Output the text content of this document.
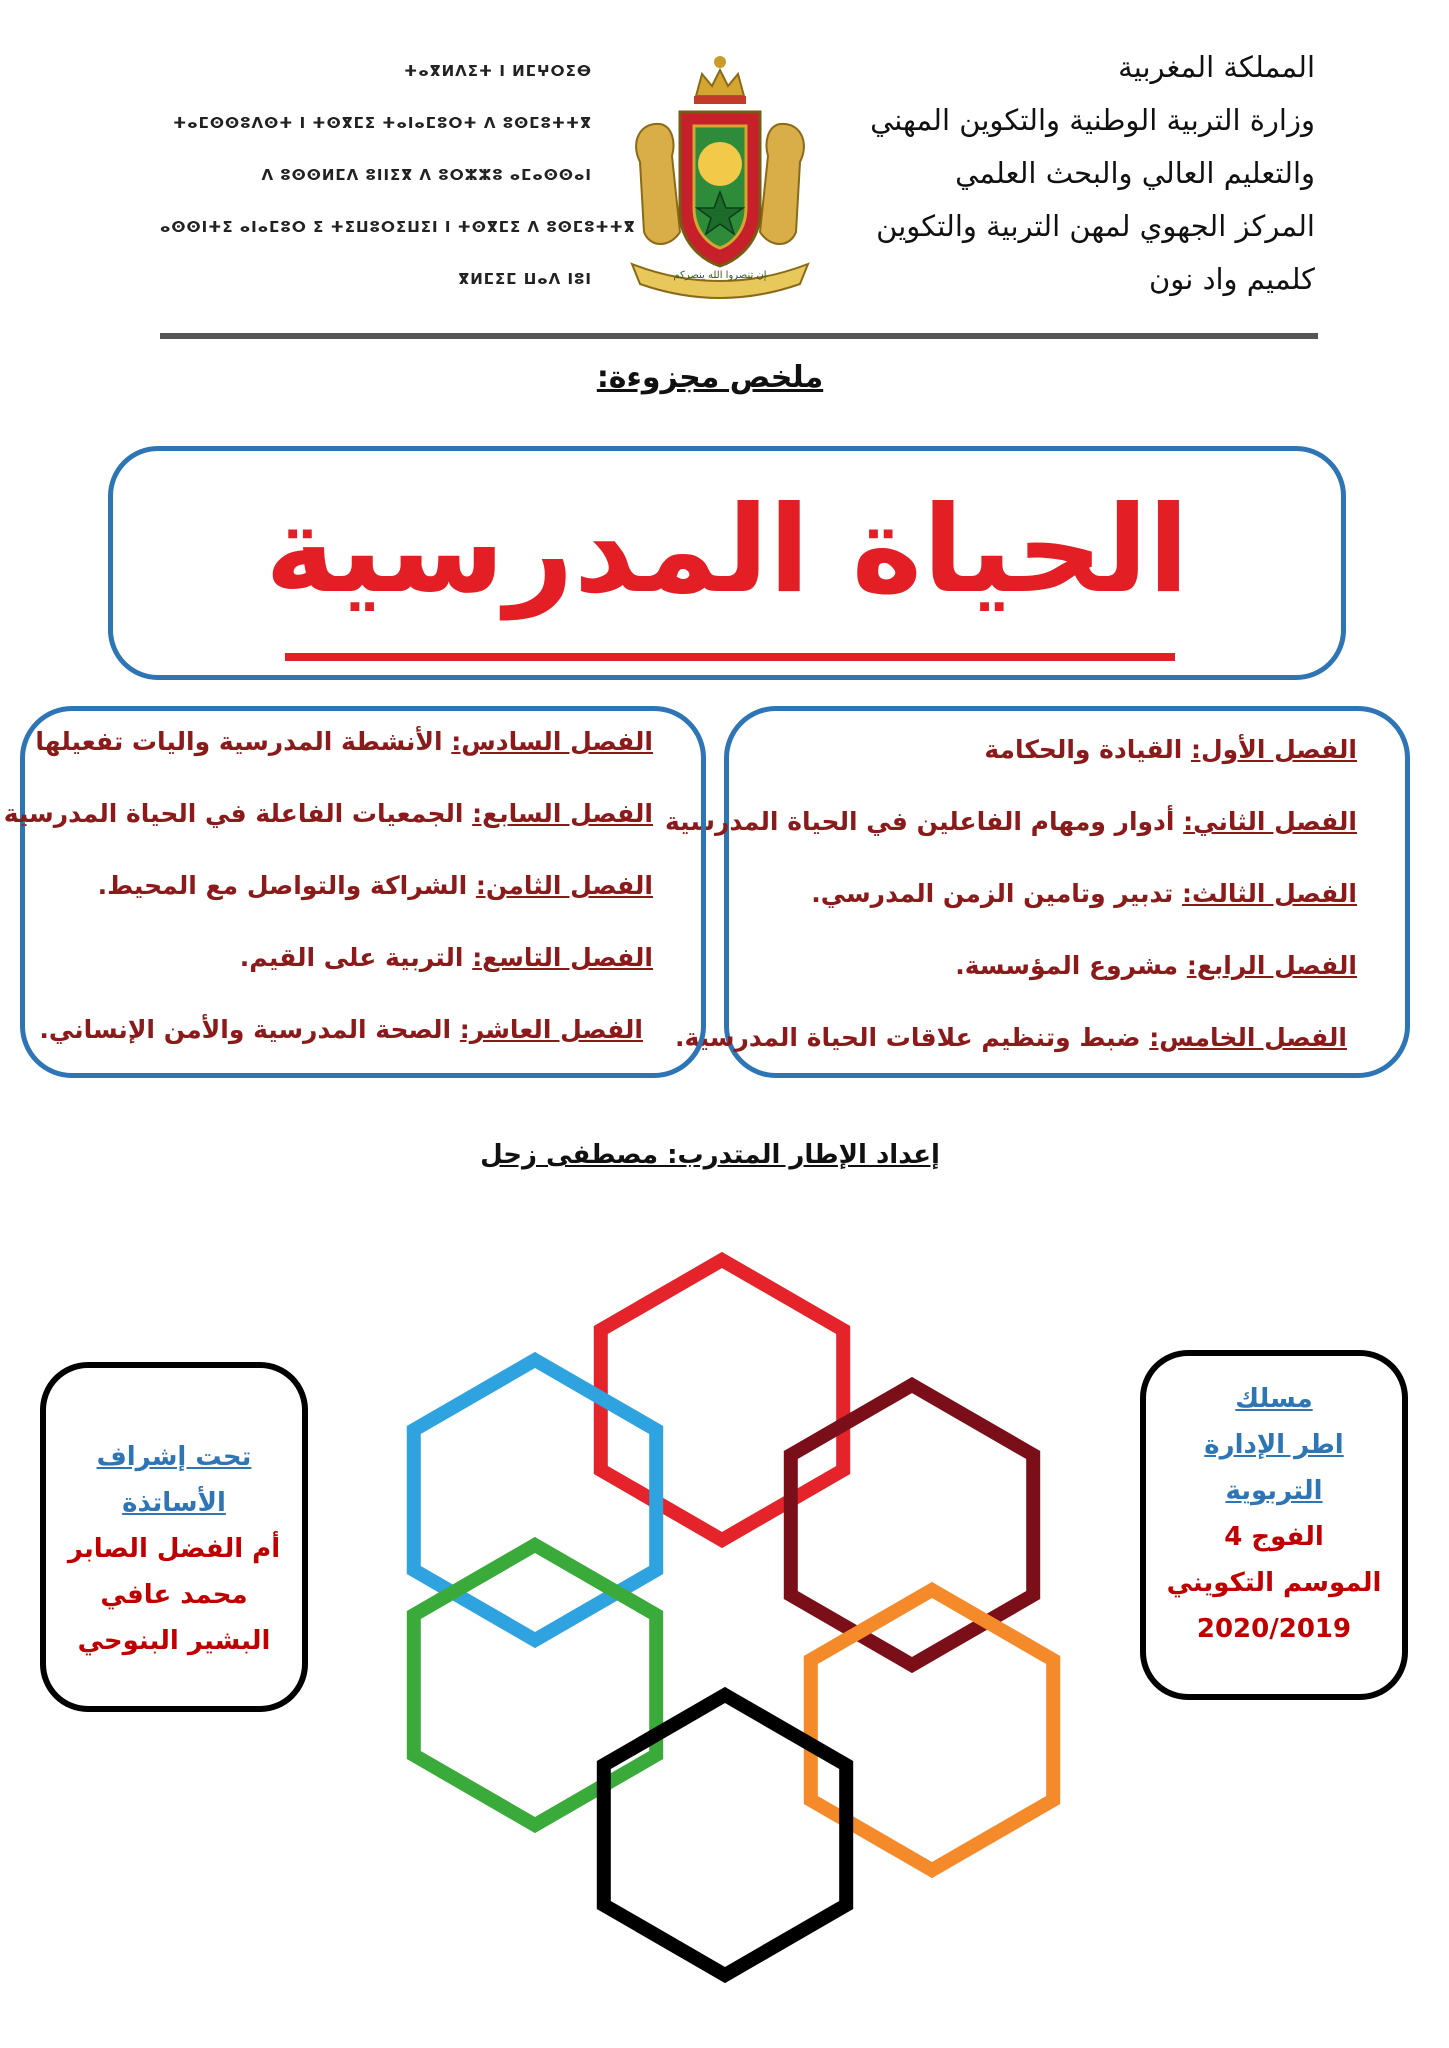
ⵜⴰⴳⵍⴷⵉⵜ ⵏ ⵍⵎⵖⵔⵉⴱ
ⵜⴰⵎⵙⵙⵓⴷⵙⵜ ⵏ ⵜⵙⴳⵎⵉ ⵜⴰⵏⴰⵎⵓⵔⵜ ⴷ ⵓⵙⵎⵓⵜⵜⴳ
ⴷ ⵓⵙⵙⵍⵎⴷ ⵓⵏⵏⵉⴳ ⴷ ⵓⵔⵣⵣⵓ ⴰⵎⴰⵙⵙⴰⵏ
ⴰⵙⵙⵏⵜⵉ ⴰⵏⴰⵎⵓⵔ ⵉ ⵜⵉⵡⵓⵔⵉⵡⵉⵏ ⵏ ⵜⵙⴳⵎⵉ ⴷ ⵓⵙⵎⵓⵜⵜⴳ
ⴳⵍⵎⵉⵎ ⵡⴰⴷ ⵏⵓⵏ	إن تنصروا الله ينصركم
المملكة المغربية
وزارة التربية الوطنية والتكوين المهني
والتعليم العالي والبحث العلمي
المركز الجهوي لمهن التربية والتكوين
كلميم واد نون
ملخص مجزوءة:
الحياة المدرسية
الفصل الأول: القيادة والحكامة
الفصل الثاني: أدوار ومهام الفاعلين في الحياة المدرسية
الفصل الثالث: تدبير وتامين الزمن المدرسي.
الفصل الرابع: مشروع المؤسسة.
الفصل الخامس: ضبط وتنظيم علاقات الحياة المدرسية.
الفصل السادس: الأنشطة المدرسية واليات تفعيلها
الفصل السابع: الجمعيات الفاعلة في الحياة المدرسية
الفصل الثامن: الشراكة والتواصل مع المحيط.
الفصل التاسع: التربية على القيم.
الفصل العاشر: الصحة المدرسية والأمن الإنساني.
إعداد الإطار المتدرب: مصطفى زحل
تحت إشراف
الأساتذة
أم الفضل الصابر
محمد عافي
البشير البنوحي
مسلك
اطر الإدارة
التربوية
الفوج 4
الموسم التكويني
2020/2019
